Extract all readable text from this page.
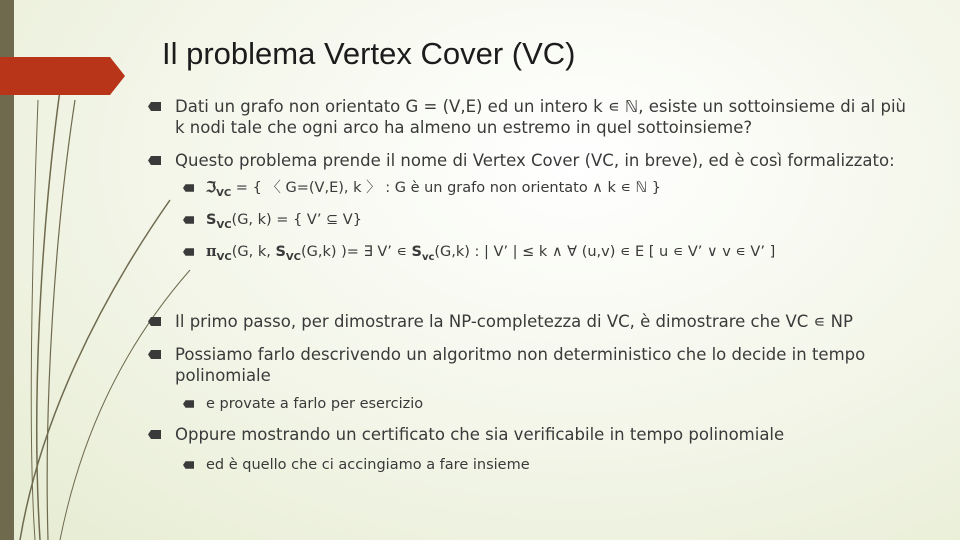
Il problema Vertex Cover (VC)
Dati un grafo non orientato G = (V,E) ed un intero k ∊ ℕ, esiste un sottoinsieme di al più k nodi tale che ogni arco ha almeno un estremo in quel sottoinsieme?
Questo problema prende il nome di Vertex Cover (VC, in breve), ed è così formalizzato:
ℑ$_{VC}$ = { 〈 G=(V,E), k 〉 : G è un grafo non orientato ∧ k ∊ ℕ }
$S_{VC}(G$, k) = { V’ ⊆ V}
$\pi_{VC}(G$, k, $S_{VC}(G,k)$ )= ∃ V’ ∊ $S_{vc}(G,k)$ : | V’ | ≤ k ∧ ∀ (u,v) ∊ E [ u ∊ V’ ∨ v ∊ V’ ]
Il primo passo, per dimostrare la NP-completezza di VC, è dimostrare che VC ∊ NP
Possiamo farlo descrivendo un algoritmo non deterministico che lo decide in tempo polinomiale
e provate a farlo per esercizio
Oppure mostrando un certificato che sia verificabile in tempo polinomiale
ed è quello che ci accingiamo a fare insieme
